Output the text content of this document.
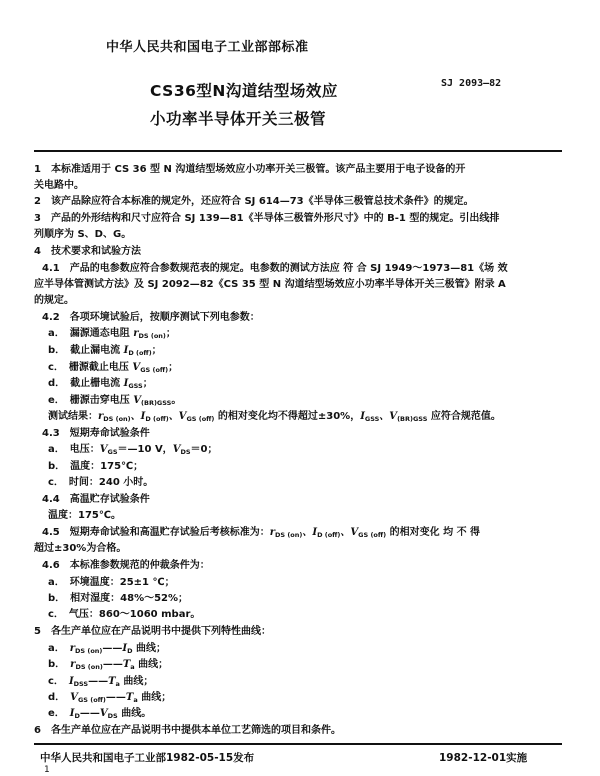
中华人民共和国电子工业部部标准
CS36型N沟道结型场效应
小功率半导体开关三极管
SJ 2093—82
1　本标准适用于 CS 36 型 N 沟道结型场效应小功率开关三极管。该产品主要用于电子设备的开
关电路中。
2　该产品除应符合本标准的规定外，还应符合 SJ 614—73《半导体三极管总技术条件》的规定。
3　产品的外形结构和尺寸应符合 SJ 139—81《半导体三极管外形尺寸》中的 B-1 型的规定。引出线排
列顺序为 S、D、G。
4　技术要求和试验方法
4.1　产品的电参数应符合参数规范表的规定。电参数的测试方法应 符 合 SJ 1949～1973—81《场 效
应半导体管测试方法》及 SJ 2092—82《CS 35 型 N 沟道结型场效应小功率半导体开关三极管》附录 A
的规定。
4.2　各项环境试验后，按顺序测试下列电参数：
a．　漏源通态电阻 $r_{DS (on)}$；
b．　截止漏电流 $I_{D (off)}$；
c．　栅源截止电压 $V_{GS (off)}$；
d．　截止栅电流 $I_{GSS}$；
e．　栅源击穿电压 $V_{(BR)GSS}$。
测试结果：$r_{DS (on)}$、$I_{D (off)}$、$V_{GS (off)}$ 的相对变化均不得超过±30%，$I_{GSS}$、$V_{(BR)GSS}$ 应符合规范值。
4.3　短期寿命试验条件
a．　电压：$V_{GS}=—10$ V，$V_{DS}=0$；
b．　温度：175℃；
c．　时间：240 小时。
4.4　高温贮存试验条件
温度：175℃。
4.5　短期寿命试验和高温贮存试验后考核标准为：$r_{DS (on)}$、$I_{D (off)}$、$V_{GS (off)}$ 的相对变化 均 不 得
超过±30%为合格。
4.6　本标准参数规范的仲裁条件为：
a．　环境温度：25±1 ℃；
b．　相对湿度：48%～52%；
c．　气压：860～1060 mbar。
5　各生产单位应在产品说明书中提供下列特性曲线：
a．　$r_{DS (on)}——I_D$ 曲线；
b．　$r_{DS (on)}——T_a$ 曲线；
c．　$I_{DSS}——T_a$ 曲线；
d．　$V_{GS (off)}——T_a$ 曲线；
e．　$I_D——V_{DS}$ 曲线。
6　各生产单位应在产品说明书中提供本单位工艺筛选的项目和条件。
中华人民共和国电子工业部1982-05-15发布	1982-12-01实施
1
